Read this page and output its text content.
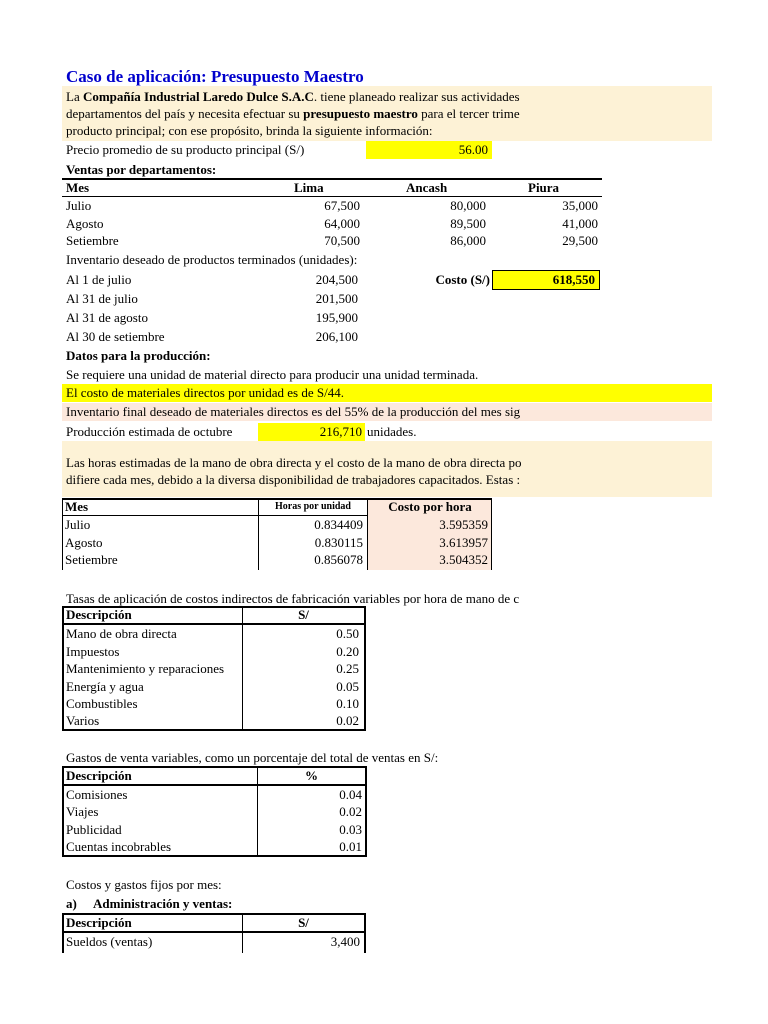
Caso de aplicación: Presupuesto Maestro
La Compañía Industrial Laredo Dulce S.A.C. tiene planeado realizar sus actividades
departamentos del país y necesita efectuar su presupuesto maestro para el tercer trime
producto principal; con ese propósito, brinda la siguiente información:
Precio promedio de su producto principal (S/)	56.00
Ventas por departamentos:
Mes	Lima	Ancash	Piura
Julio	67,500	80,000	35,000
Agosto	64,000	89,500	41,000
Setiembre	70,500	86,000	29,500
Inventario deseado de productos terminados (unidades):
Al 1 de julio	204,500
Al 31 de julio	201,500
Al 31 de agosto	195,900
Al 30 de setiembre	206,100
Costo (S/)	618,550
Datos para la producción:
Se requiere una unidad de material directo para producir una unidad terminada.
El costo de materiales directos por unidad es de S/44.
Inventario final deseado de materiales directos es del 55% de la producción del mes sig
Producción estimada de octubre	216,710 unidades.
Las horas estimadas de la mano de obra directa y el costo de la mano de obra directa po
difiere cada mes, debido a la diversa disponibilidad de trabajadores capacitados. Estas :
Mes	Horas por unidad	Costo por hora
Julio	0.834409	3.595359
Agosto	0.830115	3.613957
Setiembre	0.856078	3.504352
Tasas de aplicación de costos indirectos de fabricación variables por hora de mano de c
Descripción	S/
Mano de obra directa	0.50
Impuestos	0.20
Mantenimiento y reparaciones	0.25
Energía y agua	0.05
Combustibles	0.10
Varios	0.02
Gastos de venta variables, como un porcentaje del total de ventas en S/:
Descripción	%
Comisiones	0.04
Viajes	0.02
Publicidad	0.03
Cuentas incobrables	0.01
Costos y gastos fijos por mes:
a) Administración y ventas:
Descripción	S/
Sueldos (ventas)	3,400
